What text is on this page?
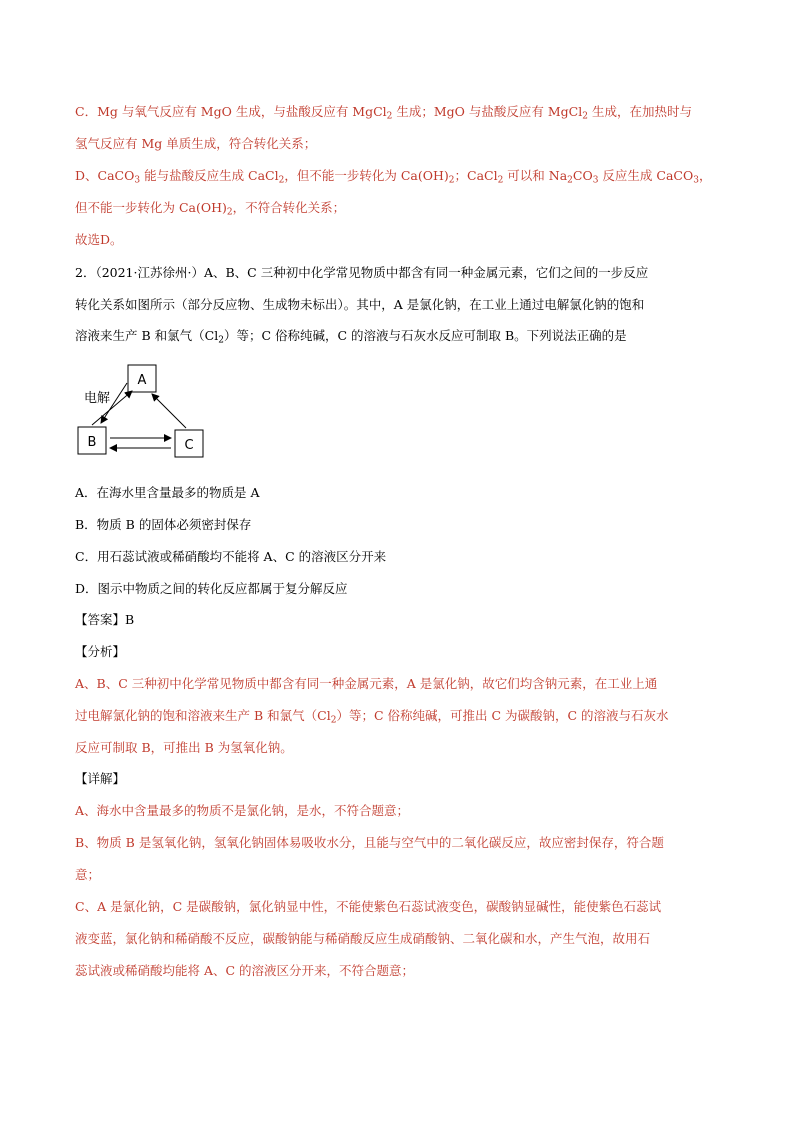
C．Mg 与氧气反应有 MgO 生成，与盐酸反应有 MgCl$_2$ 生成；MgO 与盐酸反应有 MgCl$_2$ 生成，在加热时与
氢气反应有 Mg 单质生成，符合转化关系；
D、CaCO$_3$ 能与盐酸反应生成 CaCl$_2$，但不能一步转化为 $Ca(OH)_2$；CaCl$_2$ 可以和 $Na_2CO_3$ 反应生成 CaCO$_3$，
但不能一步转化为 $Ca(OH)_2$，不符合转化关系；
故选D。
2．（2021·江苏徐州·）A、B、C 三种初中化学常见物质中都含有同一种金属元素，它们之间的一步反应
转化关系如图所示（部分反应物、生成物未标出）。其中，A 是氯化钠，在工业上通过电解氯化钠的饱和
溶液来生产 B 和氯气$(Cl_2)$等；C 俗称纯碱，C 的溶液与石灰水反应可制取 B。下列说法正确的是
A
B	C
电解
A．在海水里含量最多的物质是 A
B．物质 B 的固体必须密封保存
C．用石蕊试液或稀硝酸均不能将 A、C 的溶液区分开来
D．图示中物质之间的转化反应都属于复分解反应
【答案】B
【分析】
A、B、C 三种初中化学常见物质中都含有同一种金属元素，A 是氯化钠，故它们均含钠元素，在工业上通
过电解氯化钠的饱和溶液来生产 B 和氯气$(Cl_2)$等；C 俗称纯碱，可推出 C 为碳酸钠，C 的溶液与石灰水
反应可制取 B，可推出 B 为氢氧化钠。
【详解】
A、海水中含量最多的物质不是氯化钠，是水，不符合题意；
B、物质 B 是氢氧化钠，氢氧化钠固体易吸收水分，且能与空气中的二氧化碳反应，故应密封保存，符合题
意；
C、A 是氯化钠，C 是碳酸钠，氯化钠显中性，不能使紫色石蕊试液变色，碳酸钠显碱性，能使紫色石蕊试
液变蓝，氯化钠和稀硝酸不反应，碳酸钠能与稀硝酸反应生成硝酸钠、二氧化碳和水，产生气泡，故用石
蕊试液或稀硝酸均能将 A、C 的溶液区分开来，不符合题意；
